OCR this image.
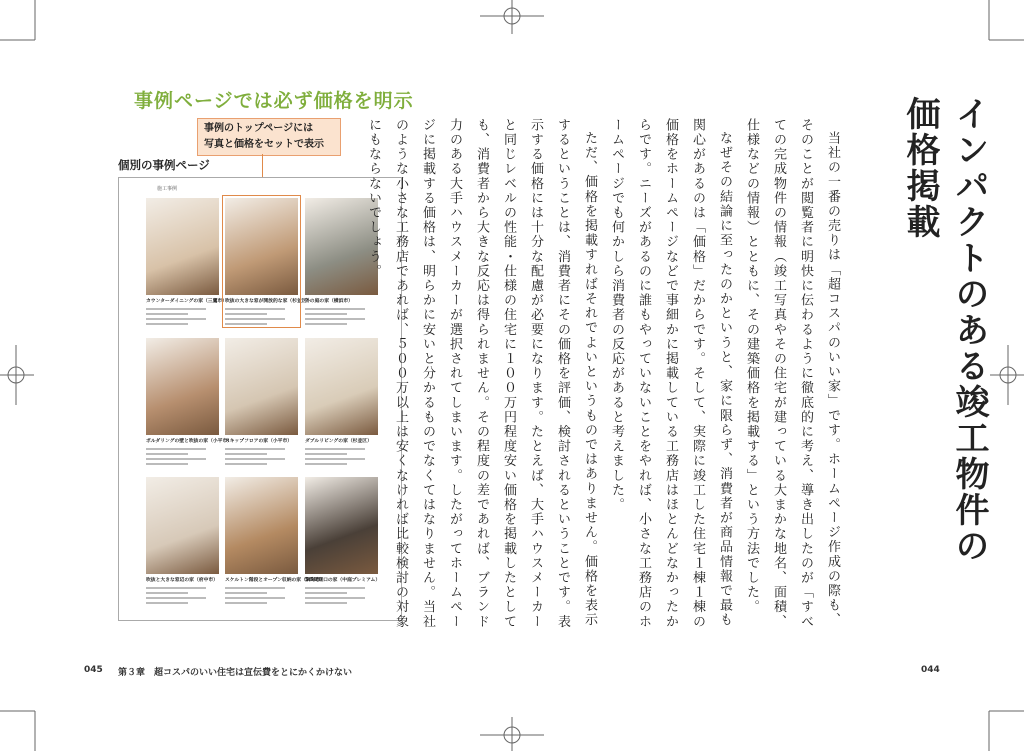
事例ページでは必ず価格を明示
事例のトップページには
写真と価格をセットで表示
個別の事例ページ
施工事例
カウンターダイニングの家（三鷹市）
吹抜の大きな窓が開放的な家（杉並区）
外の庭の家（横浜市）
ボルダリングの壁と吹抜の家（小平市）
スキップフロアの家（小平市）	ダブルリビングの家（杉並区）
吹抜と大きな窓辺の家（府中市） スケルトン階段とオープン収納の家（調布市）
5.5間間口の家（中庭プレミアム）
045 第３章　超コスパのいい住宅は宣伝費をとにかくかけない
インパクトのある竣工物件の価格掲載

当社の一番の売りは「超コスパのいい家」です。ホームページ作成の際も、そのことが閲覧者に明快に伝わるように徹底的に考え、導き出したのが「すべての完成物件の情報（竣工写真やその住宅が建っている大まかな地名、面積、仕様などの情報）とともに、その建築価格を掲載する」という方法でした。

なぜその結論に至ったのかというと、家に限らず、消費者が商品情報で最も関心があるのは「価格」だからです。そして、実際に竣工した住宅１棟１棟の価格をホームページなどで事細かに掲載している工務店はほとんどなかったからです。ニーズがあるのに誰もやっていないことをやれば、小さな工務店のホームページでも何かしら消費者の反応があると考えました。

ただ、価格を掲載すればそれでよいというものではありません。価格を表示するということは、消費者にその価格を評価、検討されるということです。表示する価格には十分な配慮が必要になります。たとえば、大手ハウスメーカーと同じレベルの性能・仕様の住宅に１００万円程度安い価格を掲載したとしても、消費者から大きな反応は得られません。その程度の差であれば、ブランド力のある大手ハウスメーカーが選択されてしまいます。したがってホームページに掲載する価格は、明らかに安いと分かるものでなくてはなりません。当社のような小さな工務店であれば、５００万以上は安くなければ比較検討の対象にもならないでしょう。

044
